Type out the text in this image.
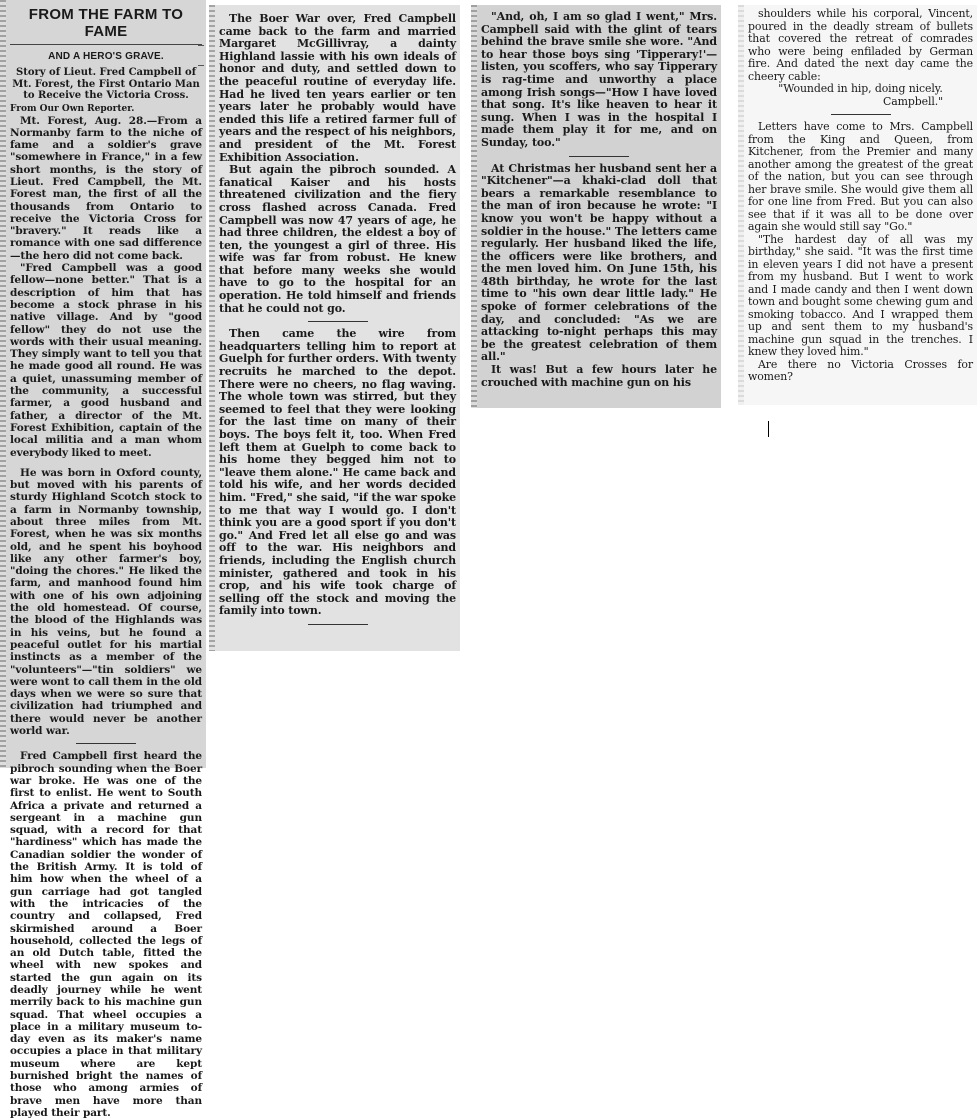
FROM THE FARM TO FAME
AND A HERO'S GRAVE.
Story of Lieut. Fred Campbell of Mt. Forest, the First Ontario Man to Receive the Victoria Cross.
From Our Own Reporter.

Mt. Forest, Aug. 28.—From a Normanby farm to the niche of fame and a soldier's grave "somewhere in France," in a few short months, is the story of Lieut. Fred Campbell, the Mt. Forest man, the first of all the thousands from Ontario to receive the Victoria Cross for "bravery." It reads like a romance with one sad difference—the hero did not come back.

"Fred Campbell was a good fellow—none better." That is a description of him that has become a stock phrase in his native village. And by "good fellow" they do not use the words with their usual meaning. They simply want to tell you that he made good all round. He was a quiet, unassuming member of the community, a successful farmer, a good husband and father, a director of the Mt. Forest Exhibition, captain of the local militia and a man whom everybody liked to meet.

He was born in Oxford county, but moved with his parents of sturdy Highland Scotch stock to a farm in Normanby township, about three miles from Mt. Forest, when he was six months old, and he spent his boyhood like any other farmer's boy, "doing the chores." He liked the farm, and manhood found him with one of his own adjoining the old homestead. Of course, the blood of the Highlands was in his veins, but he found a peaceful outlet for his martial instincts as a member of the "volunteers"—"tin soldiers" we were wont to call them in the old days when we were so sure that civilization had triumphed and there would never be another world war.

Fred Campbell first heard the pibroch sounding when the Boer war broke. He was one of the first to enlist. He went to South Africa a private and returned a sergeant in a machine gun squad, with a record for that "hardiness" which has made the Canadian soldier the wonder of the British Army. It is told of him how when the wheel of a gun carriage had got tangled with the intricacies of the country and collapsed, Fred skirmished around a Boer household, collected the legs of an old Dutch table, fitted the wheel with new spokes and started the gun again on its deadly journey while he went merrily back to his machine gun squad. That wheel occupies a place in a military museum to-day even as its maker's name occupies a place in that military museum where are kept burnished bright the names of those who among armies of brave men have more than played their part.

The Boer War over, Fred Campbell came back to the farm and married Margaret McGillivray, a dainty Highland lassie with his own ideals of honor and duty, and settled down to the peaceful routine of everyday life. Had he lived ten years earlier or ten years later he probably would have ended this life a retired farmer full of years and the respect of his neighbors, and president of the Mt. Forest Exhibition Association.

But again the pibroch sounded. A fanatical Kaiser and his hosts threatened civilization and the fiery cross flashed across Canada. Fred Campbell was now 47 years of age, he had three children, the eldest a boy of ten, the youngest a girl of three. His wife was far from robust. He knew that before many weeks she would have to go to the hospital for an operation. He told himself and friends that he could not go.

Then came the wire from headquarters telling him to report at Guelph for further orders. With twenty recruits he marched to the depot. There were no cheers, no flag waving. The whole town was stirred, but they seemed to feel that they were looking for the last time on many of their boys. The boys felt it, too. When Fred left them at Guelph to come back to his home they begged him not to "leave them alone." He came back and told his wife, and her words decided him. "Fred," she said, "if the war spoke to me that way I would go. I don't think you are a good sport if you don't go." And Fred let all else go and was off to the war. His neighbors and friends, including the English church minister, gathered and took in his crop, and his wife took charge of selling off the stock and moving the family into town.

"And, oh, I am so glad I went," Mrs. Campbell said with the glint of tears behind the brave smile she wore. "And to hear those boys sing 'Tipperary!'—listen, you scoffers, who say Tipperary is rag-time and unworthy a place among Irish songs—"How I have loved that song. It's like heaven to hear it sung. When I was in the hospital I made them play it for me, and on Sunday, too."

At Christmas her husband sent her a "Kitchener"—a khaki-clad doll that bears a remarkable resemblance to the man of iron because he wrote: "I know you won't be happy without a soldier in the house." The letters came regularly. Her husband liked the life, the officers were like brothers, and the men loved him. On June 15th, his 48th birthday, he wrote for the last time to "his own dear little lady." He spoke of former celebrations of the day, and concluded: "As we are attacking to-night perhaps this may be the greatest celebration of them all."

It was! But a few hours later he crouched with machine gun on his

shoulders while his corporal, Vincent, poured in the deadly stream of bullets that covered the retreat of comrades who were being enfiladed by German fire. And dated the next day came the cheery cable:

"Wounded in hip, doing nicely.

Campbell."

Letters have come to Mrs. Campbell from the King and Queen, from Kitchener, from the Premier and many another among the greatest of the great of the nation, but you can see through her brave smile. She would give them all for one line from Fred. But you can also see that if it was all to be done over again she would still say "Go."

"The hardest day of all was my birthday," she said. "It was the first time in eleven years I did not have a present from my husband. But I went to work and I made candy and then I went down town and bought some chewing gum and smoking tobacco. And I wrapped them up and sent them to my husband's machine gun squad in the trenches. I knew they loved him."

Are there no Victoria Crosses for women?
